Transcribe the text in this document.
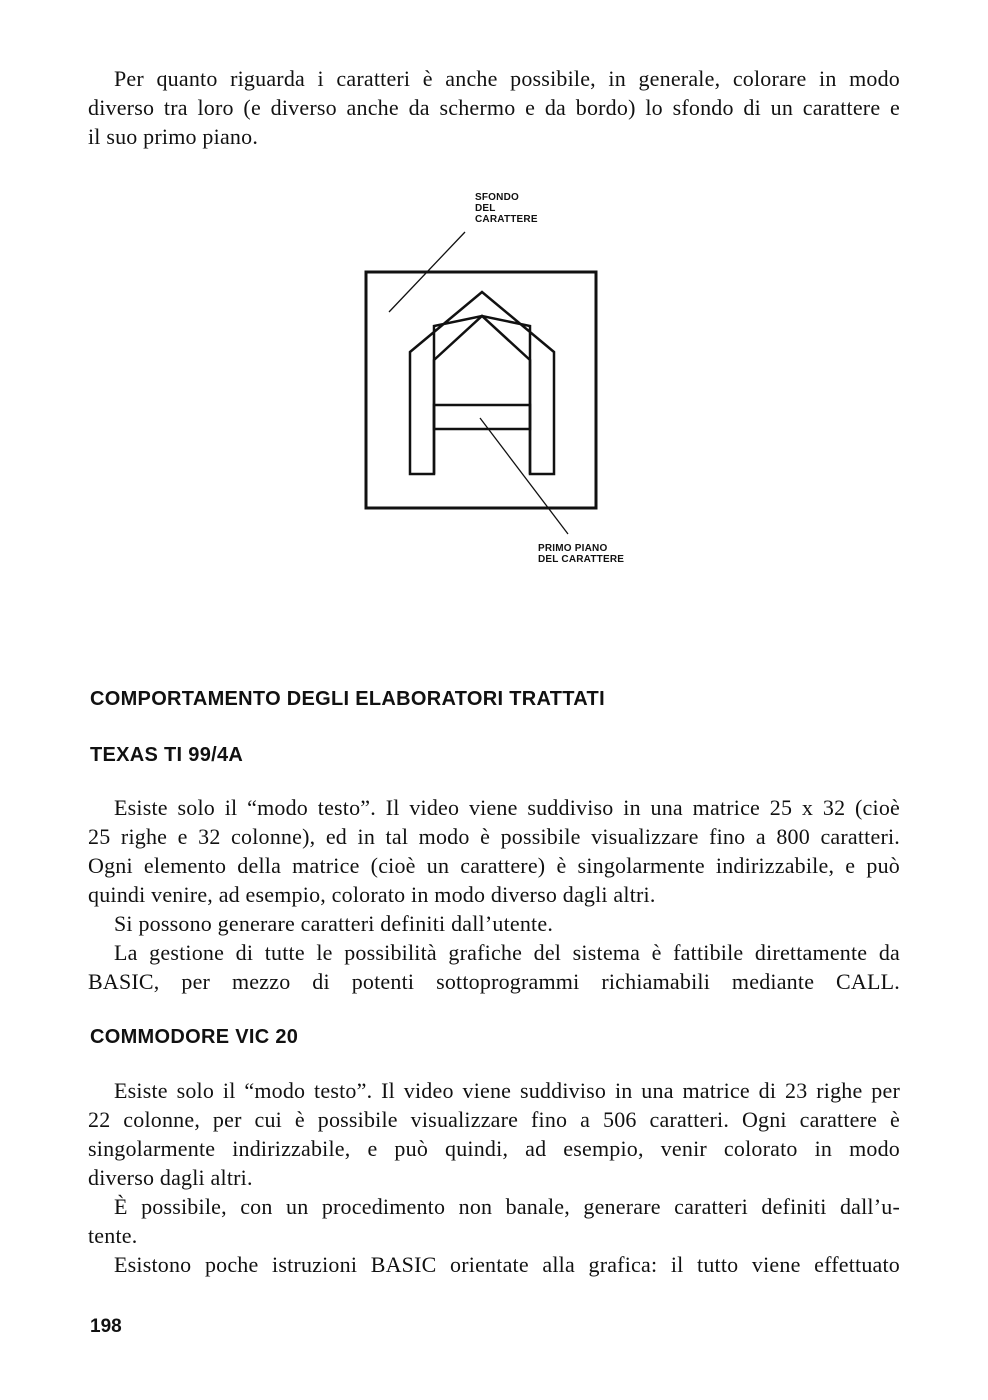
Per quanto riguarda i caratteri è anche possibile, in generale, colorare in modo
diverso tra loro (e diverso anche da schermo e da bordo) lo sfondo di un carattere e
il suo primo piano.
SFONDO
DEL
CARATTERE
PRIMO PIANO
DEL CARATTERE
COMPORTAMENTO DEGLI ELABORATORI TRATTATI
TEXAS TI 99/4A
Esiste solo il “modo testo”. Il video viene suddiviso in una matrice 25 x 32 (cioè
25 righe e 32 colonne), ed in tal modo è possibile visualizzare fino a 800 caratteri.
Ogni elemento della matrice (cioè un carattere) è singolarmente indirizzabile, e può
quindi venire, ad esempio, colorato in modo diverso dagli altri.
Si possono generare caratteri definiti dall’utente.
La gestione di tutte le possibilità grafiche del sistema è fattibile direttamente da
BASIC, per mezzo di potenti sottoprogrammi richiamabili mediante CALL.
COMMODORE VIC 20
Esiste solo il “modo testo”. Il video viene suddiviso in una matrice di 23 righe per
22 colonne, per cui è possibile visualizzare fino a 506 caratteri. Ogni carattere è
singolarmente indirizzabile, e può quindi, ad esempio, venir colorato in modo
diverso dagli altri.
È possibile, con un procedimento non banale, generare caratteri definiti dall’u-
tente.
Esistono poche istruzioni BASIC orientate alla grafica: il tutto viene effettuato
198
